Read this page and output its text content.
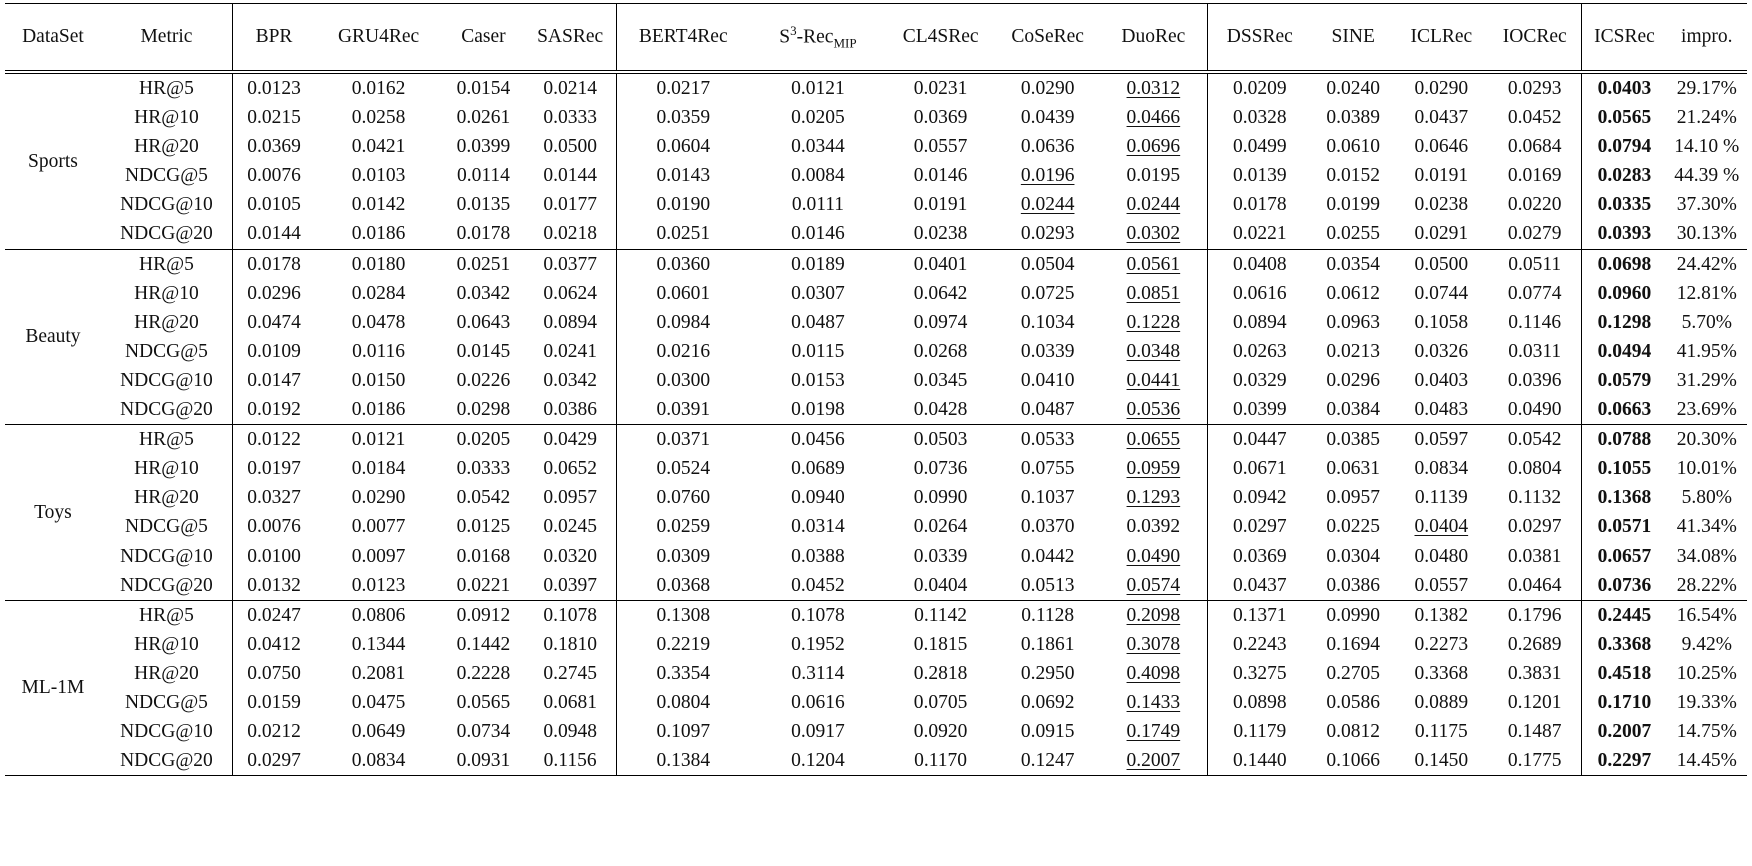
DataSet	Metric	BPR	GRU4Rec	Caser	SASRec	BERT4Rec	$S^3-Rec_{MIP}$	CL4SRec	CoSeRec	DuoRec	DSSRec	SINE	ICLRec	IOCRec	ICSRec	impro.
Sports	HR@5	0.0123	0.0162	0.0154	0.0214	0.0217	0.0121	0.0231	0.0290	0.0312	0.0209	0.0240	0.0290	0.0293	0.0403	29.17%
	HR@10	0.0215	0.0258	0.0261	0.0333	0.0359	0.0205	0.0369	0.0439	0.0466	0.0328	0.0389	0.0437	0.0452	0.0565	21.24%
	HR@20	0.0369	0.0421	0.0399	0.0500	0.0604	0.0344	0.0557	0.0636	0.0696	0.0499	0.0610	0.0646	0.0684	0.0794	14.10 %
	NDCG@5	0.0076	0.0103	0.0114	0.0144	0.0143	0.0084	0.0146	0.0196	0.0195	0.0139	0.0152	0.0191	0.0169	0.0283	44.39 %
	NDCG@10	0.0105	0.0142	0.0135	0.0177	0.0190	0.0111	0.0191	0.0244	0.0244	0.0178	0.0199	0.0238	0.0220	0.0335	37.30%
	NDCG@20	0.0144	0.0186	0.0178	0.0218	0.0251	0.0146	0.0238	0.0293	0.0302	0.0221	0.0255	0.0291	0.0279	0.0393	30.13%
Beauty	HR@5	0.0178	0.0180	0.0251	0.0377	0.0360	0.0189	0.0401	0.0504	0.0561	0.0408	0.0354	0.0500	0.0511	0.0698	24.42%
	HR@10	0.0296	0.0284	0.0342	0.0624	0.0601	0.0307	0.0642	0.0725	0.0851	0.0616	0.0612	0.0744	0.0774	0.0960	12.81%
	HR@20	0.0474	0.0478	0.0643	0.0894	0.0984	0.0487	0.0974	0.1034	0.1228	0.0894	0.0963	0.1058	0.1146	0.1298	5.70%
	NDCG@5	0.0109	0.0116	0.0145	0.0241	0.0216	0.0115	0.0268	0.0339	0.0348	0.0263	0.0213	0.0326	0.0311	0.0494	41.95%
	NDCG@10	0.0147	0.0150	0.0226	0.0342	0.0300	0.0153	0.0345	0.0410	0.0441	0.0329	0.0296	0.0403	0.0396	0.0579	31.29%
	NDCG@20	0.0192	0.0186	0.0298	0.0386	0.0391	0.0198	0.0428	0.0487	0.0536	0.0399	0.0384	0.0483	0.0490	0.0663	23.69%
Toys	HR@5	0.0122	0.0121	0.0205	0.0429	0.0371	0.0456	0.0503	0.0533	0.0655	0.0447	0.0385	0.0597	0.0542	0.0788	20.30%
	HR@10	0.0197	0.0184	0.0333	0.0652	0.0524	0.0689	0.0736	0.0755	0.0959	0.0671	0.0631	0.0834	0.0804	0.1055	10.01%
	HR@20	0.0327	0.0290	0.0542	0.0957	0.0760	0.0940	0.0990	0.1037	0.1293	0.0942	0.0957	0.1139	0.1132	0.1368	5.80%
	NDCG@5	0.0076	0.0077	0.0125	0.0245	0.0259	0.0314	0.0264	0.0370	0.0392	0.0297	0.0225	0.0404	0.0297	0.0571	41.34%
	NDCG@10	0.0100	0.0097	0.0168	0.0320	0.0309	0.0388	0.0339	0.0442	0.0490	0.0369	0.0304	0.0480	0.0381	0.0657	34.08%
	NDCG@20	0.0132	0.0123	0.0221	0.0397	0.0368	0.0452	0.0404	0.0513	0.0574	0.0437	0.0386	0.0557	0.0464	0.0736	28.22%
ML-1M	HR@5	0.0247	0.0806	0.0912	0.1078	0.1308	0.1078	0.1142	0.1128	0.2098	0.1371	0.0990	0.1382	0.1796	0.2445	16.54%
	HR@10	0.0412	0.1344	0.1442	0.1810	0.2219	0.1952	0.1815	0.1861	0.3078	0.2243	0.1694	0.2273	0.2689	0.3368	9.42%
	HR@20	0.0750	0.2081	0.2228	0.2745	0.3354	0.3114	0.2818	0.2950	0.4098	0.3275	0.2705	0.3368	0.3831	0.4518	10.25%
	NDCG@5	0.0159	0.0475	0.0565	0.0681	0.0804	0.0616	0.0705	0.0692	0.1433	0.0898	0.0586	0.0889	0.1201	0.1710	19.33%
	NDCG@10	0.0212	0.0649	0.0734	0.0948	0.1097	0.0917	0.0920	0.0915	0.1749	0.1179	0.0812	0.1175	0.1487	0.2007	14.75%
	NDCG@20	0.0297	0.0834	0.0931	0.1156	0.1384	0.1204	0.1170	0.1247	0.2007	0.1440	0.1066	0.1450	0.1775	0.2297	14.45%
